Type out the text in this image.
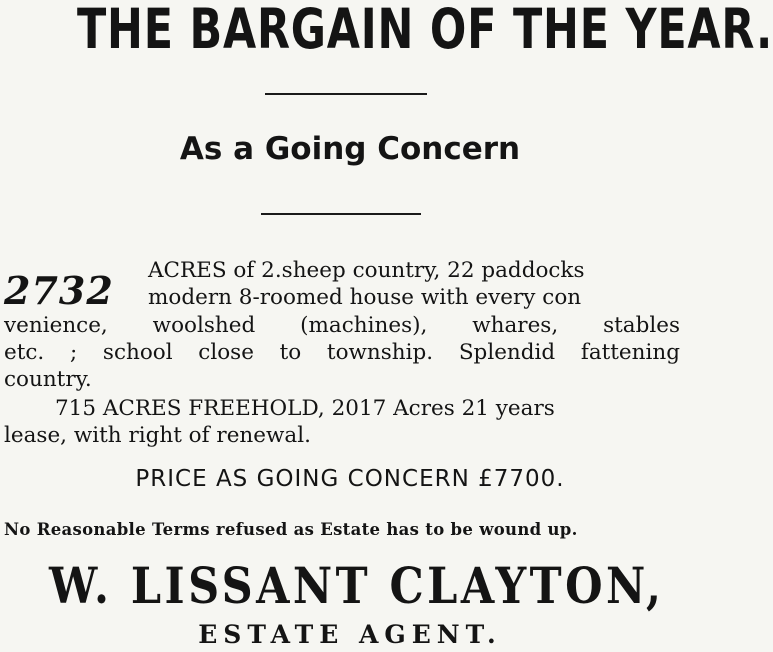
THE BARGAIN OF THE YEAR.
As a Going Concern
2732 ACRES of 2.sheep country, 22 paddocks
modern 8-roomed house with every con
venience, woolshed (machines), whares, stables
etc. ; school close to township. Splendid fattening
country.
715 ACRES FREEHOLD, 2017 Acres 21 years
lease, with right of renewal.
PRICE AS GOING CONCERN £7700.
No Reasonable Terms refused as Estate has to be wound up.
W. LISSANT CLAYTON,
ESTATE AGENT.
